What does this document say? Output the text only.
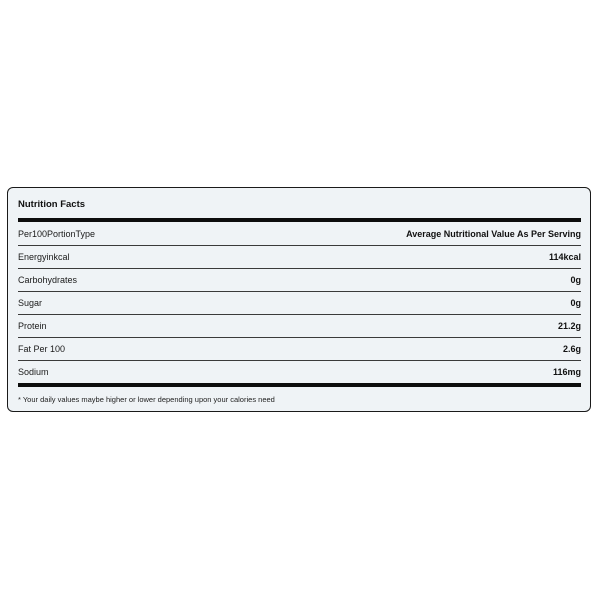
Nutrition Facts
Per100PortionType	Average Nutritional Value As Per Serving
Energyinkcal	114kcal
Carbohydrates	0g
Sugar	0g
Protein	21.2g
Fat Per 100	2.6g
Sodium	116mg
* Your daily values maybe higher or lower depending upon your calories need
